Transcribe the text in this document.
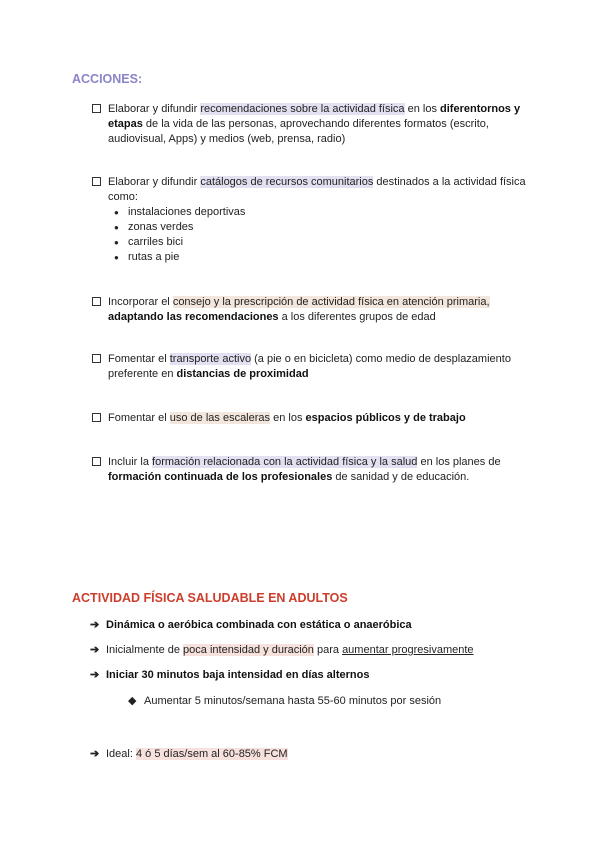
ACCIONES:
Elaborar y difundir recomendaciones sobre la actividad física en los diferentornos y etapas de la vida de las personas, aprovechando diferentes formatos (escrito, audiovisual, Apps) y medios (web, prensa, radio)
Elaborar y difundir catálogos de recursos comunitarios destinados a la actividad física como:
● instalaciones deportivas
● zonas verdes
● carriles bici
● rutas a pie
Incorporar el consejo y la prescripción de actividad física en atención primaria, adaptando las recomendaciones a los diferentes grupos de edad
Fomentar el transporte activo (a pie o en bicicleta) como medio de desplazamiento preferente en distancias de proximidad
Fomentar el uso de las escaleras en los espacios públicos y de trabajo
Incluir la formación relacionada con la actividad física y la salud en los planes de formación continuada de los profesionales de sanidad y de educación.
ACTIVIDAD FÍSICA SALUDABLE EN ADULTOS
➔ Dinámica o aeróbica combinada con estática o anaeróbica
➔ Inicialmente de poca intensidad y duración para aumentar progresivamente
➔ Iniciar 30 minutos baja intensidad en días alternos
◆ Aumentar 5 minutos/semana hasta 55-60 minutos por sesión
➔ Ideal: 4 ó 5 días/sem al 60-85% FCM
